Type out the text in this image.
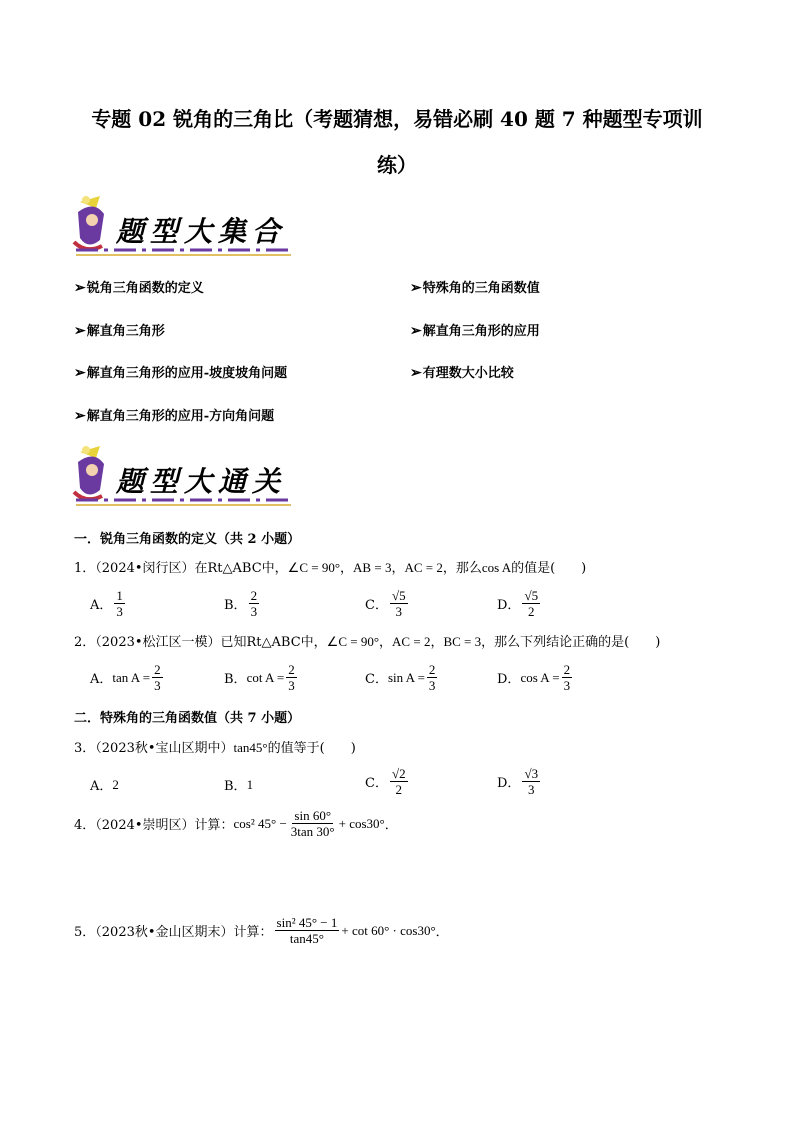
专题 02 锐角的三角比（考题猜想，易错必刷 40 题 7 种题型专项训
练）
题型大集合
➢锐角三角函数的定义	➢特殊角的三角函数值
➢解直角三角形	➢解直角三角形的应用
➢解直角三角形的应用-坡度坡角问题	➢有理数大小比较
➢解直角三角形的应用-方向角问题
题型大通关
一．锐角三角函数的定义（共 2 小题）
1．（2024•闵行区）在Rt△ABC中，∠C = 90°，AB = 3，AC = 2，那么cos A的值是(　　)
A． $\frac{1}{3}$	B． $\frac{2}{3}$	C． $\frac{√5}{3}$	D． $\frac{√5}{2}$
2．（2023•松江区一模）已知Rt△ABC中，∠C = 90°，AC = 2，BC = 3，那么下列结论正确的是(　　)
A． $\tan A = \frac{2}{3}$	B． $\cot A = \frac{2}{3}$	C． $\sin A = \frac{2}{3}$	D． $\cos A = \frac{2}{3}$
二．特殊角的三角函数值（共 7 小题）
3．（2023秋•宝山区期中）tan45°的值等于(　　)
A． 2	B． 1	C． $\frac{√2}{2}$	D． $\frac{√3}{3}$
4．（2024•崇明区）计算： cos² $45^\circ - \frac{\sin 60^\circ}{3\tan 30^\circ} + \cos 30^\circ$ ．
5．（2023秋•金山区期末）计算： $\frac{\text{sin² 45° − 1}}{\tan 45^\circ} + \cot 60^\circ \cdot \cos 30^\circ$ ．
